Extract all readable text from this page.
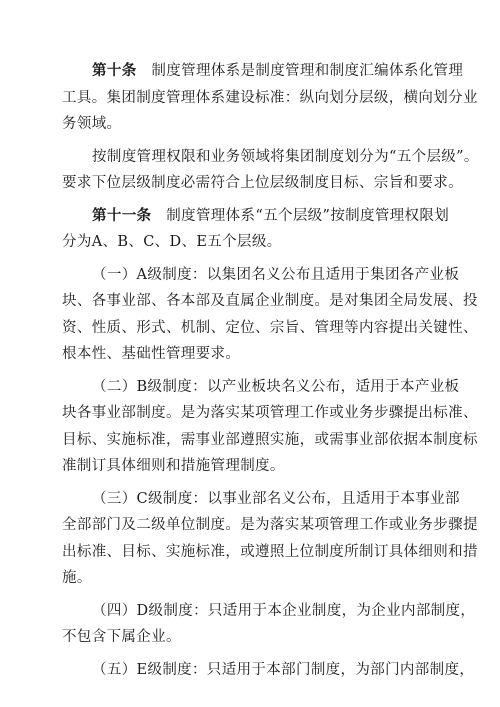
第十条　制度管理体系是制度管理和制度汇编体系化管理
工具。集团制度管理体系建设标准：纵向划分层级，横向划分业
务领域。
按制度管理权限和业务领域将集团制度划分为“五个层级”。
要求下位层级制度必需符合上位层级制度目标、宗旨和要求。
第十一条　制度管理体系“五个层级”按制度管理权限划
分为A、B、C、D、E五个层级。
（一）A级制度：以集团名义公布且适用于集团各产业板
块、各事业部、各本部及直属企业制度。是对集团全局发展、投
资、性质、形式、机制、定位、宗旨、管理等内容提出关键性、
根本性、基础性管理要求。
（二）B级制度：以产业板块名义公布，适用于本产业板
块各事业部制度。是为落实某项管理工作或业务步骤提出标准、
目标、实施标准，需事业部遵照实施，或需事业部依据本制度标
准制订具体细则和措施管理制度。
（三）C级制度：以事业部名义公布，且适用于本事业部
全部部门及二级单位制度。是为落实某项管理工作或业务步骤提
出标准、目标、实施标准，或遵照上位制度所制订具体细则和措
施。
（四）D级制度：只适用于本企业制度，为企业内部制度，
不包含下属企业。
（五）E级制度：只适用于本部门制度，为部门内部制度，
